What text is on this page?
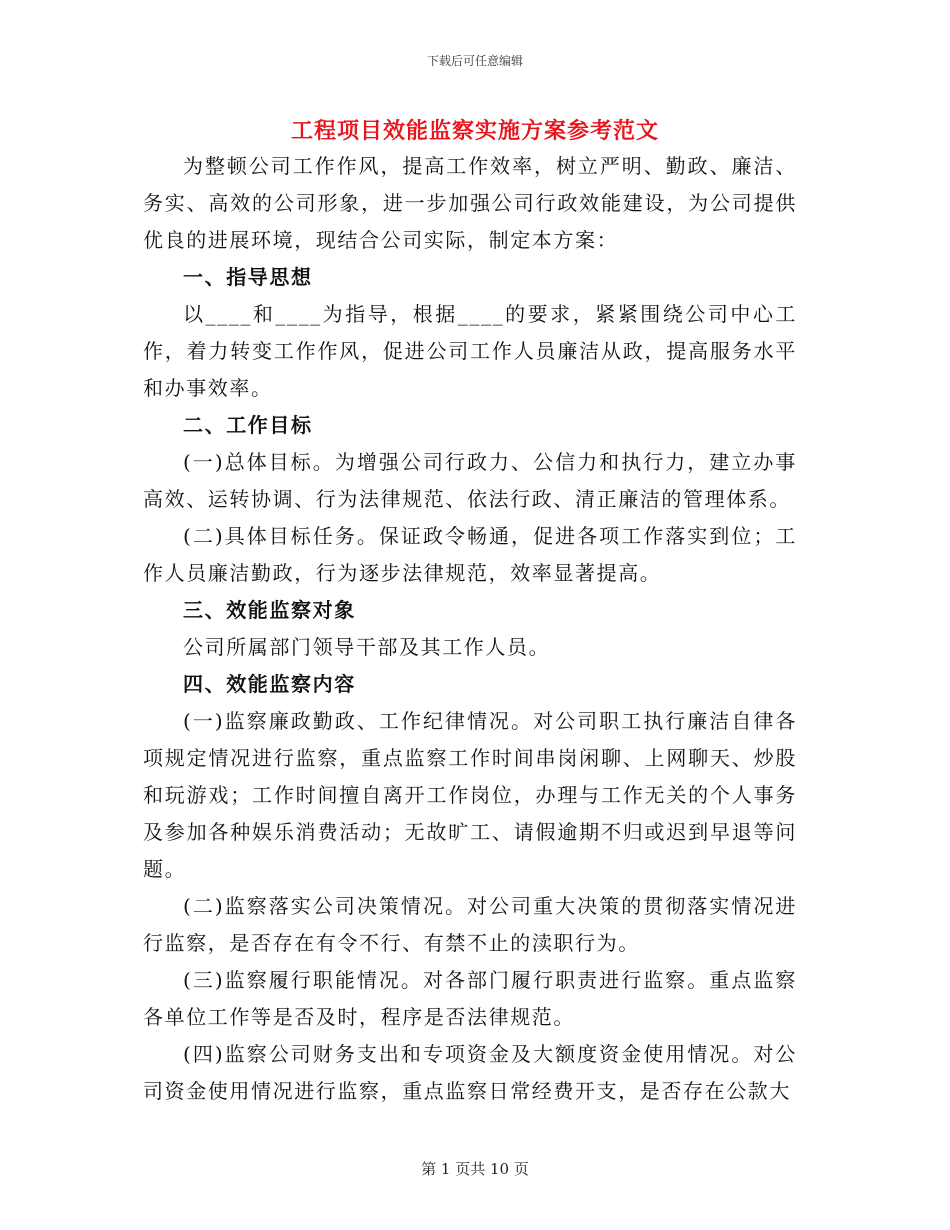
下载后可任意编辑
工程项目效能监察实施方案参考范文

为整顿公司工作作风，提高工作效率，树立严明、勤政、廉洁、务实、高效的公司形象，进一步加强公司行政效能建设，为公司提供优良的进展环境，现结合公司实际，制定本方案：

一、指导思想

以____和____为指导，根据____的要求，紧紧围绕公司中心工作，着力转变工作作风，促进公司工作人员廉洁从政，提高服务水平和办事效率。

二、工作目标

(一)总体目标。为增强公司行政力、公信力和执行力，建立办事高效、运转协调、行为法律规范、依法行政、清正廉洁的管理体系。

(二)具体目标任务。保证政令畅通，促进各项工作落实到位；工作人员廉洁勤政，行为逐步法律规范，效率显著提高。

三、效能监察对象

公司所属部门领导干部及其工作人员。

四、效能监察内容

(一)监察廉政勤政、工作纪律情况。对公司职工执行廉洁自律各项规定情况进行监察，重点监察工作时间串岗闲聊、上网聊天、炒股和玩游戏；工作时间擅自离开工作岗位，办理与工作无关的个人事务及参加各种娱乐消费活动；无故旷工、请假逾期不归或迟到早退等问题。

(二)监察落实公司决策情况。对公司重大决策的贯彻落实情况进行监察，是否存在有令不行、有禁不止的渎职行为。

(三)监察履行职能情况。对各部门履行职责进行监察。重点监察各单位工作等是否及时，程序是否法律规范。

(四)监察公司财务支出和专项资金及大额度资金使用情况。对公司资金使用情况进行监察，重点监察日常经费开支，是否存在公款大

第 1 页共 10 页
